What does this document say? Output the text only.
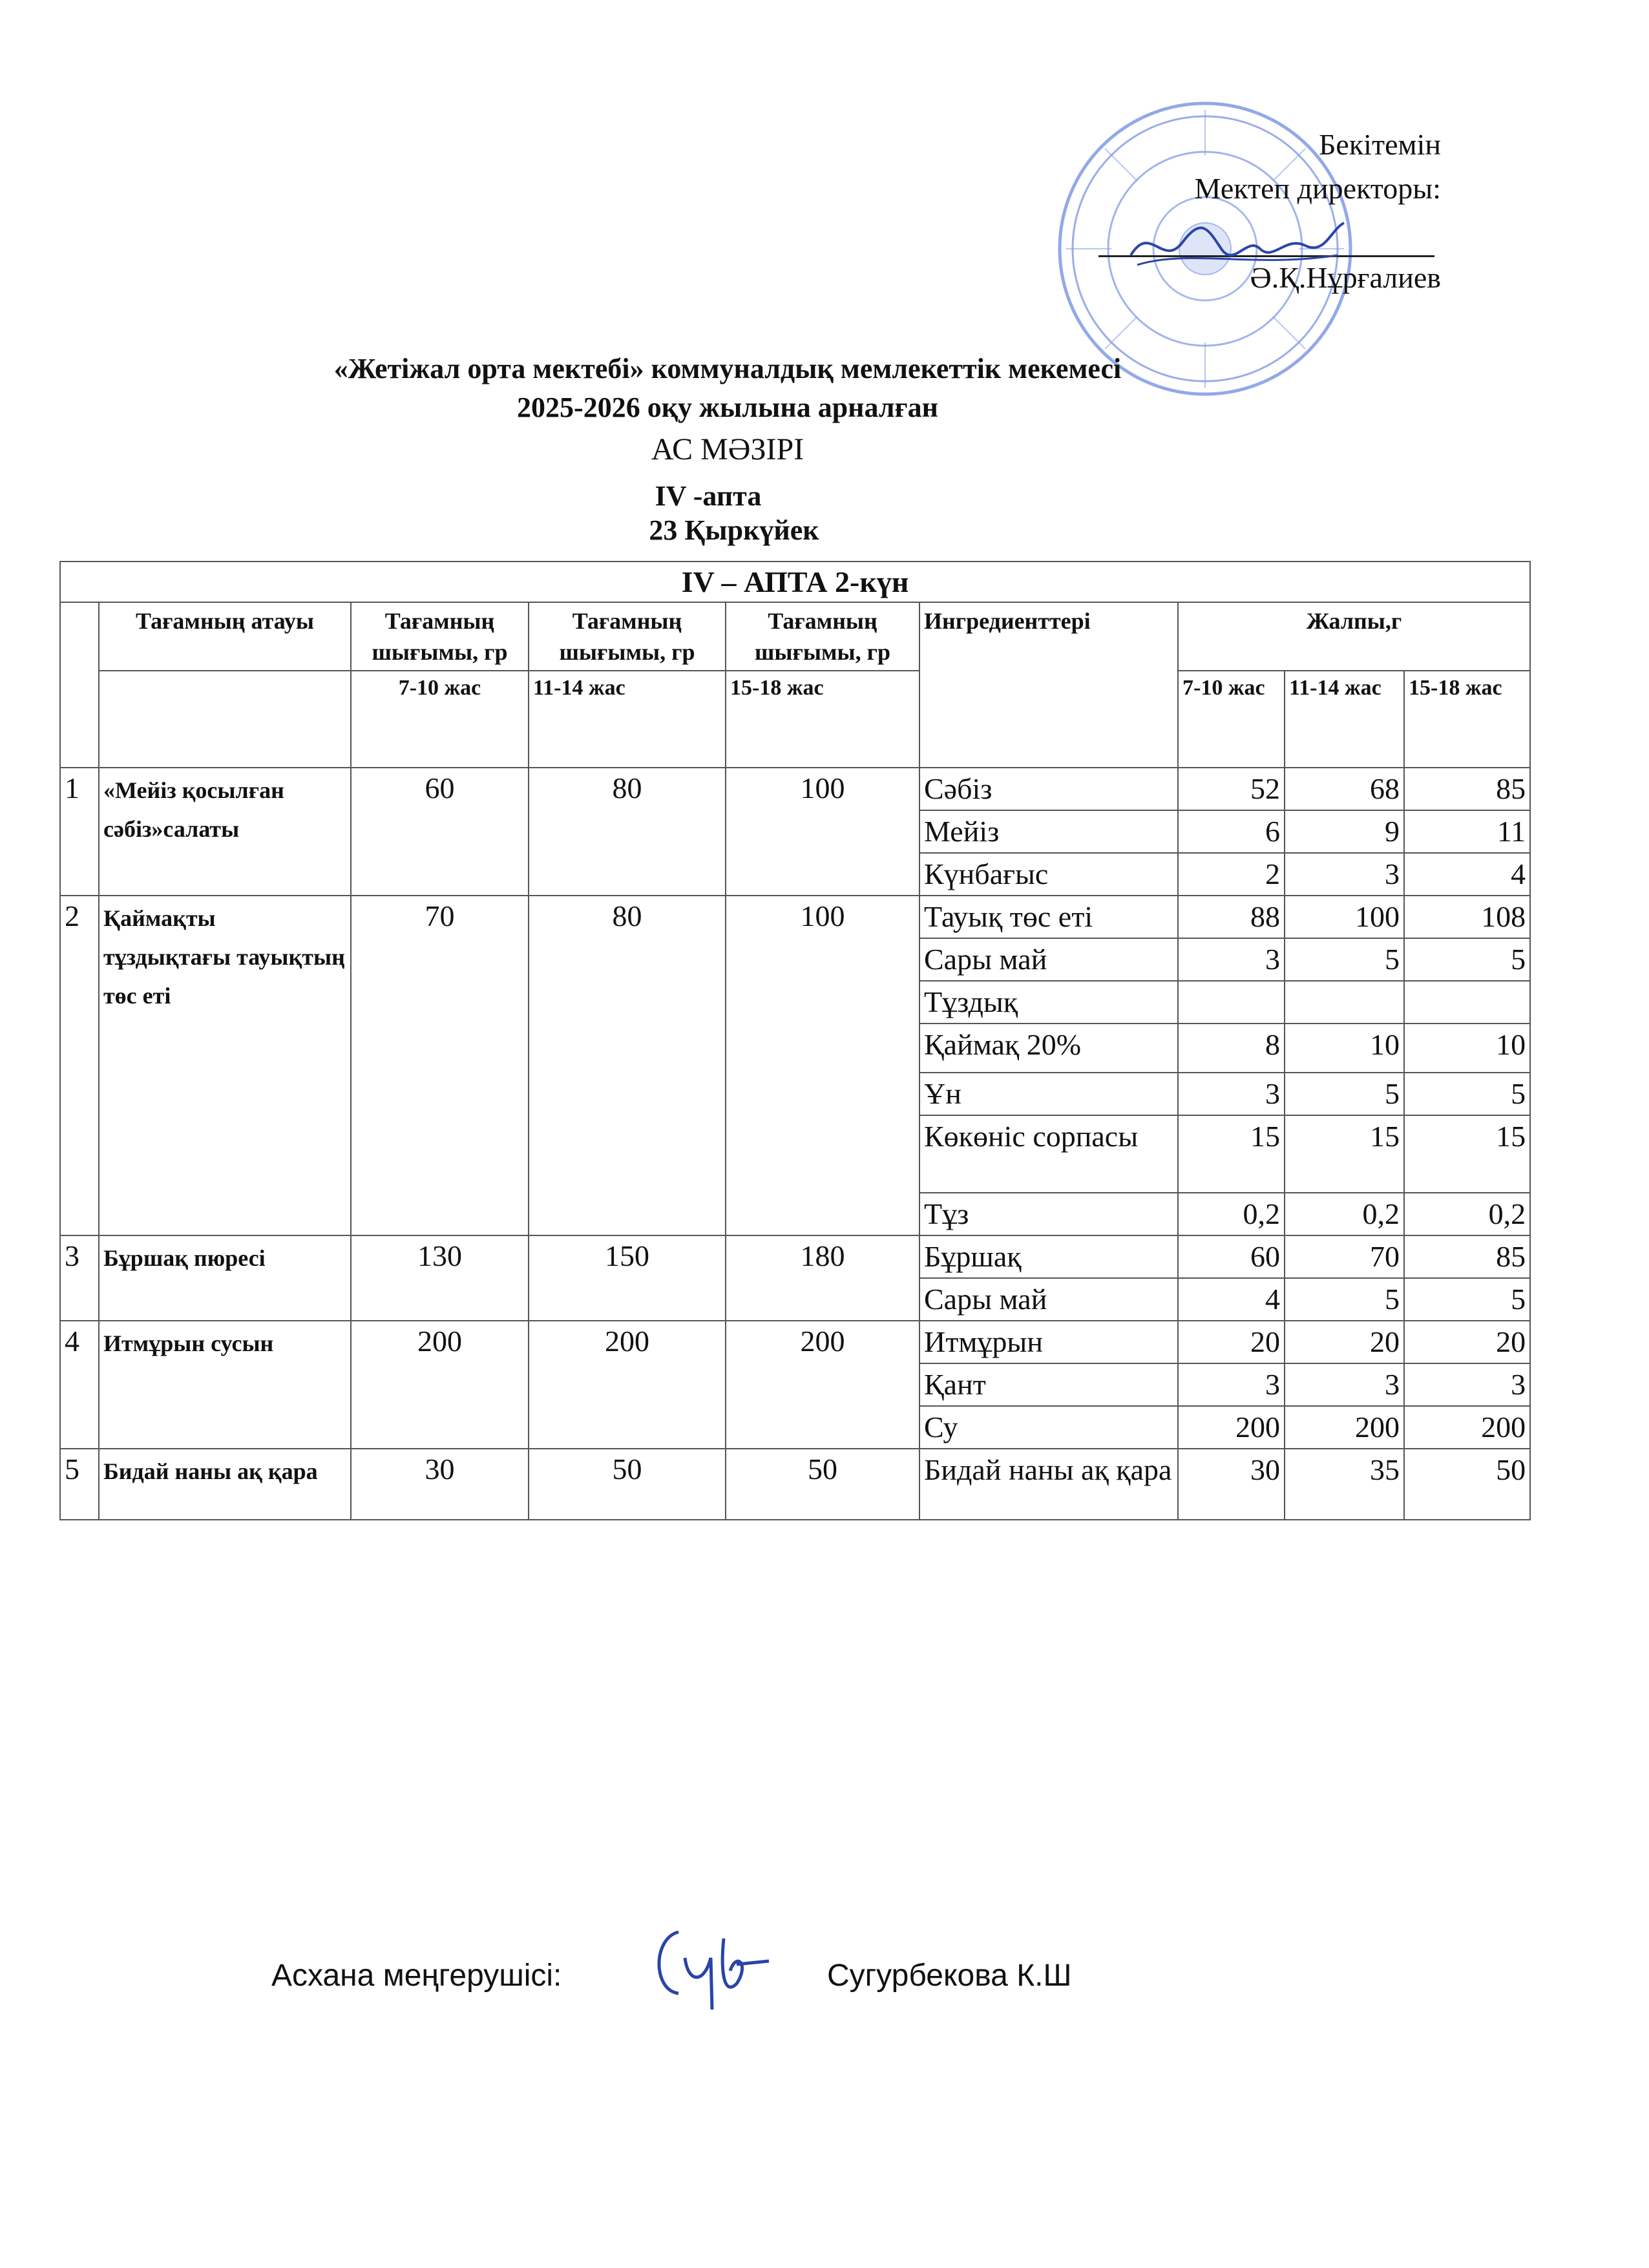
Бекітемін
Мектеп директоры:
Ә.Қ.Нұрғалиев
«Жетіжал орта мектебі» коммуналдық мемлекеттік мекемесі
2025-2026 оқу жылына арналған
АС МӘЗІРІ
IV -апта
23 Қыркүйек
IV – АПТА 2-күн								
	Тағамның атауы	Тағамның шығымы, гр	Тағамның шығымы, гр	Тағамның шығымы, гр	Ингредиенттері	Жалпы,г		
		7-10 жас	11-14 жас	15-18 жас		7-10 жас	11-14 жас	15-18 жас
1	«Мейіз қосылған сәбіз»салаты	60	80	100	Сәбіз	52	68	85
					Мейіз	6	9	11
					Күнбағыс	2	3	4
2	Қаймақты тұздықтағы тауықтың төс еті	70	80	100	Тауық төс еті	88	100	108
					Сары май	3	5	5
					Тұздық			
					Қаймақ 20%	8	10	10
					Ұн	3	5	5
					Көкөніс сорпасы	15	15	15
					Тұз	0,2	0,2	0,2
3	Бұршақ пюресі	130	150	180	Бұршақ	60	70	85
					Сары май	4	5	5
4	Итмұрын сусын	200	200	200	Итмұрын	20	20	20
					Қант	3	3	3
					Су	200	200	200
5	Бидай наны ақ қара	30	50	50	Бидай наны ақ қара	30	35	50
Асхана меңгерушісі:	Сугурбекова К.Ш
